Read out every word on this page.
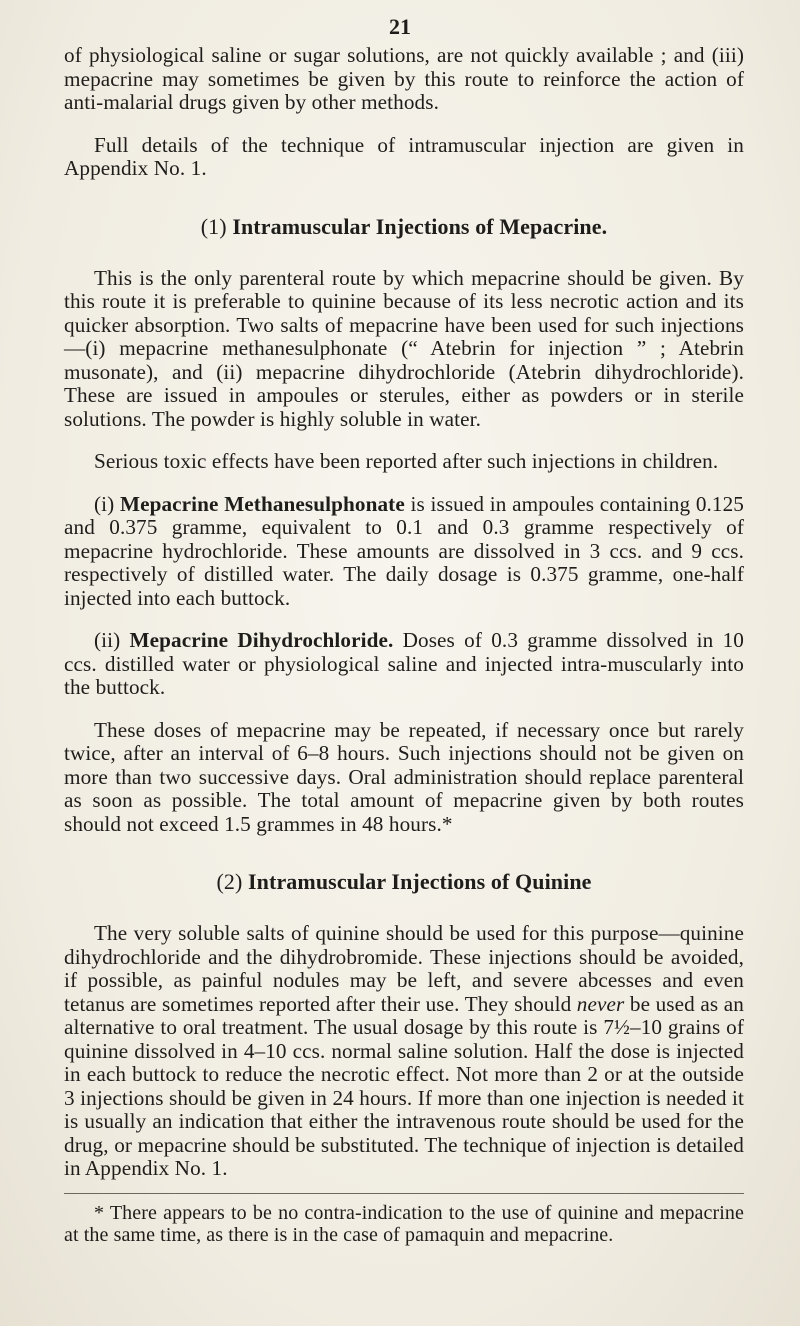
21

of physiological saline or sugar solutions, are not quickly available ; and (iii) mepacrine may sometimes be given by this route to reinforce the action of anti-malarial drugs given by other methods.

Full details of the technique of intramuscular injection are given in Appendix No. 1.

(1) Intramuscular Injections of Mepacrine.

This is the only parenteral route by which mepacrine should be given. By this route it is preferable to quinine because of its less necrotic action and its quicker absorption. Two salts of mepacrine have been used for such injections—(i) mepacrine methanesulphonate (“ Atebrin for injection ” ; Atebrin musonate), and (ii) mepacrine dihydrochloride (Atebrin dihydrochloride). These are issued in ampoules or sterules, either as powders or in sterile solutions. The powder is highly soluble in water.

Serious toxic effects have been reported after such injections in children.

(i) Mepacrine Methanesulphonate is issued in ampoules containing 0.125 and 0.375 gramme, equivalent to 0.1 and 0.3 gramme respectively of mepacrine hydrochloride. These amounts are dissolved in 3 ccs. and 9 ccs. respectively of distilled water. The daily dosage is 0.375 gramme, one-half injected into each buttock.

(ii) Mepacrine Dihydrochloride. Doses of 0.3 gramme dissolved in 10 ccs. distilled water or physiological saline and injected intra-muscularly into the buttock.

These doses of mepacrine may be repeated, if necessary once but rarely twice, after an interval of 6–8 hours. Such injections should not be given on more than two successive days. Oral administration should replace parenteral as soon as possible. The total amount of mepacrine given by both routes should not exceed 1.5 grammes in 48 hours.*

(2) Intramuscular Injections of Quinine

The very soluble salts of quinine should be used for this purpose—quinine dihydrochloride and the dihydrobromide. These injections should be avoided, if possible, as painful nodules may be left, and severe abcesses and even tetanus are sometimes reported after their use. They should never be used as an alternative to oral treatment. The usual dosage by this route is 7½–10 grains of quinine dissolved in 4–10 ccs. normal saline solution. Half the dose is injected in each buttock to reduce the necrotic effect. Not more than 2 or at the outside 3 injections should be given in 24 hours. If more than one injection is needed it is usually an indication that either the intravenous route should be used for the drug, or mepacrine should be substituted. The technique of injection is detailed in Appendix No. 1.

* There appears to be no contra-indication to the use of quinine and mepacrine at the same time, as there is in the case of pamaquin and mepacrine.
